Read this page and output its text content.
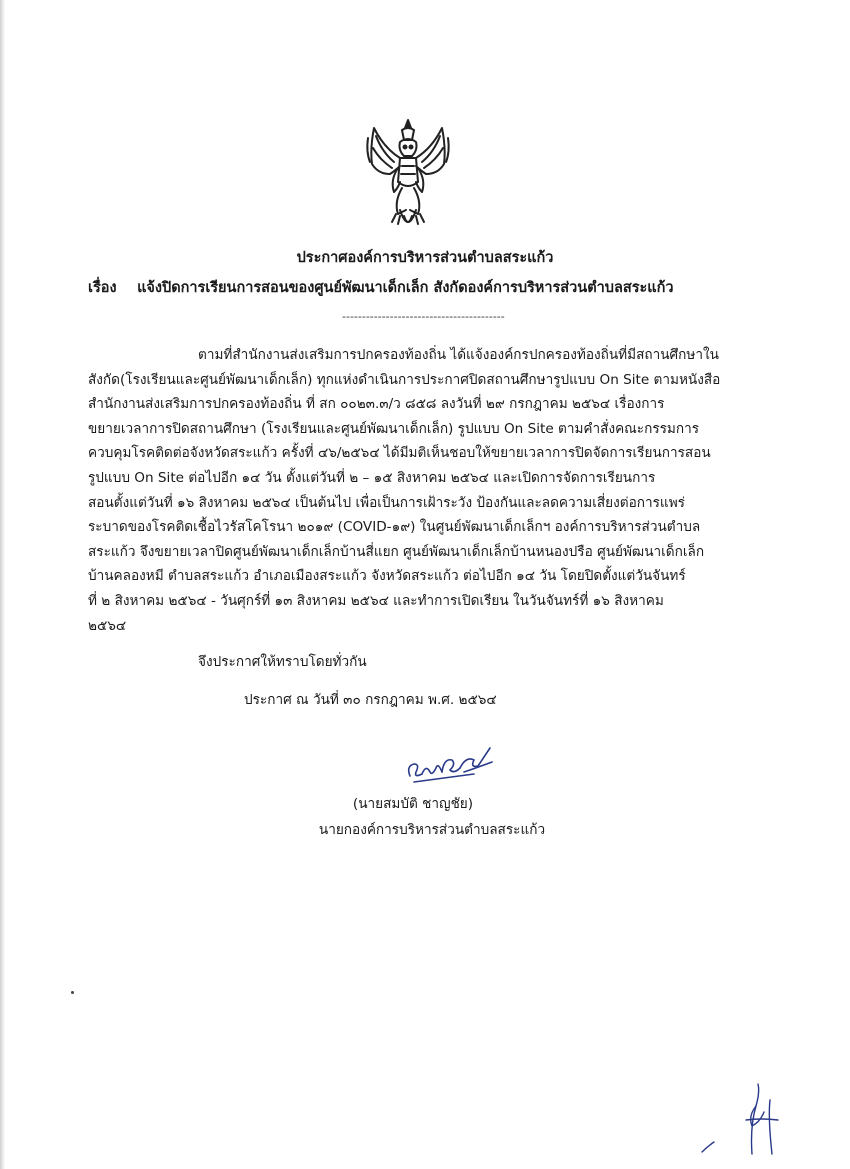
ประกาศองค์การบริหารส่วนตำบลสระแก้ว
เรื่อง แจ้งปิดการเรียนการสอนของศูนย์พัฒนาเด็กเล็ก สังกัดองค์การบริหารส่วนตำบลสระแก้ว
-----------------------------------------
ตามที่สำนักงานส่งเสริมการปกครองท้องถิ่น ได้แจ้งองค์กรปกครองท้องถิ่นที่มีสถานศึกษาใน
สังกัด(โรงเรียนและศูนย์พัฒนาเด็กเล็ก) ทุกแห่งดำเนินการประกาศปิดสถานศึกษารูปแบบ On Site ตามหนังสือ
สำนักงานส่งเสริมการปกครองท้องถิ่น ที่ สก ๐๐๒๓.๓/ว ๘๕๘ ลงวันที่ ๒๙ กรกฎาคม ๒๕๖๔ เรื่องการ
ขยายเวลาการปิดสถานศึกษา (โรงเรียนและศูนย์พัฒนาเด็กเล็ก) รูปแบบ On Site ตามคำสั่งคณะกรรมการ
ควบคุมโรคติดต่อจังหวัดสระแก้ว ครั้งที่ ๔๖/๒๕๖๔ ได้มีมติเห็นชอบให้ขยายเวลาการปิดจัดการเรียนการสอน
รูปแบบ On Site ต่อไปอีก ๑๔ วัน ตั้งแต่วันที่ ๒ – ๑๕ สิงหาคม ๒๕๖๔ และเปิดการจัดการเรียนการ
สอนตั้งแต่วันที่ ๑๖ สิงหาคม ๒๕๖๔ เป็นต้นไป เพื่อเป็นการเฝ้าระวัง ป้องกันและลดความเสี่ยงต่อการแพร่
ระบาดของโรคติดเชื้อไวรัสโคโรนา ๒๐๑๙ (COVID-๑๙) ในศูนย์พัฒนาเด็กเล็กฯ องค์การบริหารส่วนตำบล
สระแก้ว จึงขยายเวลาปิดศูนย์พัฒนาเด็กเล็กบ้านสี่แยก ศูนย์พัฒนาเด็กเล็กบ้านหนองปรือ ศูนย์พัฒนาเด็กเล็ก
บ้านคลองหมี ตำบลสระแก้ว อำเภอเมืองสระแก้ว จังหวัดสระแก้ว ต่อไปอีก ๑๔ วัน โดยปิดตั้งแต่วันจันทร์
ที่ ๒ สิงหาคม ๒๕๖๔ - วันศุกร์ที่ ๑๓ สิงหาคม ๒๕๖๔ และทำการเปิดเรียน ในวันจันทร์ที่ ๑๖ สิงหาคม
๒๕๖๔
จึงประกาศให้ทราบโดยทั่วกัน
ประกาศ ณ วันที่ ๓๐ กรกฎาคม พ.ศ. ๒๕๖๔
(นายสมบัติ ชาญชัย)
นายกองค์การบริหารส่วนตำบลสระแก้ว
